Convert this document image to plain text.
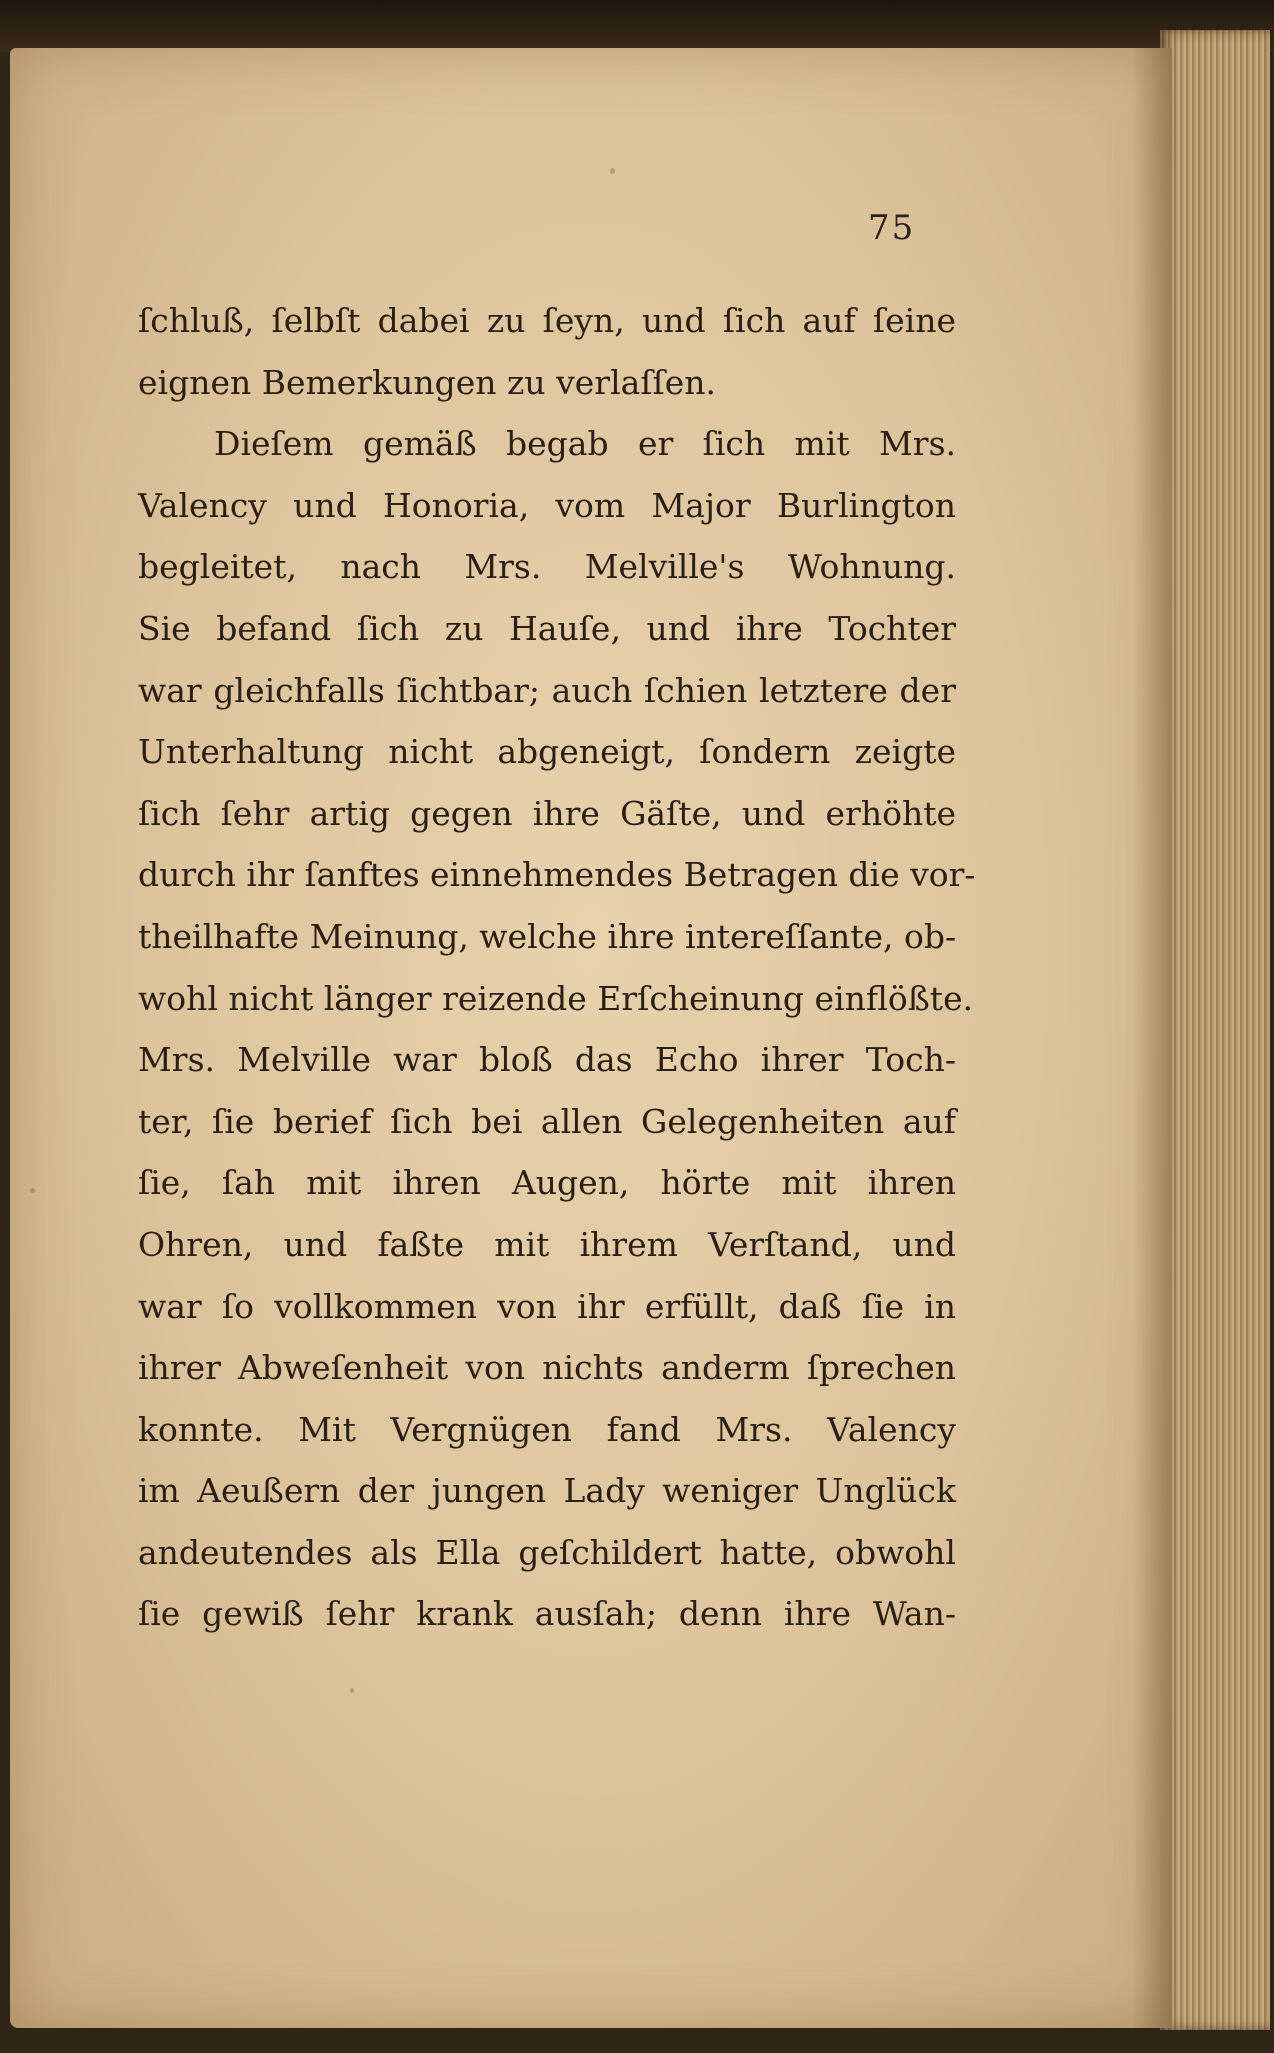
75
ſchluß, ſelbſt dabei zu ſeyn, und ſich auf ſeine
eignen Bemerkungen zu verlaſſen.
Dieſem gemäß begab er ſich mit Mrs.
Valency und Honoria, vom Major Burlington
begleitet, nach Mrs. Melville's Wohnung.
Sie befand ſich zu Hauſe, und ihre Tochter
war gleichfalls ſichtbar; auch ſchien letztere der
Unterhaltung nicht abgeneigt, ſondern zeigte
ſich ſehr artig gegen ihre Gäſte, und erhöhte
durch ihr ſanftes einnehmendes Betragen die vor-
theilhafte Meinung, welche ihre intereſſante, ob-
wohl nicht länger reizende Erſcheinung einflößte.
Mrs. Melville war bloß das Echo ihrer Toch-
ter, ſie berief ſich bei allen Gelegenheiten auf
ſie, ſah mit ihren Augen, hörte mit ihren
Ohren, und faßte mit ihrem Verſtand, und
war ſo vollkommen von ihr erfüllt, daß ſie in
ihrer Abweſenheit von nichts anderm ſprechen
konnte. Mit Vergnügen fand Mrs. Valency
im Aeußern der jungen Lady weniger Unglück
andeutendes als Ella geſchildert hatte, obwohl
ſie gewiß ſehr krank ausſah; denn ihre Wan-
